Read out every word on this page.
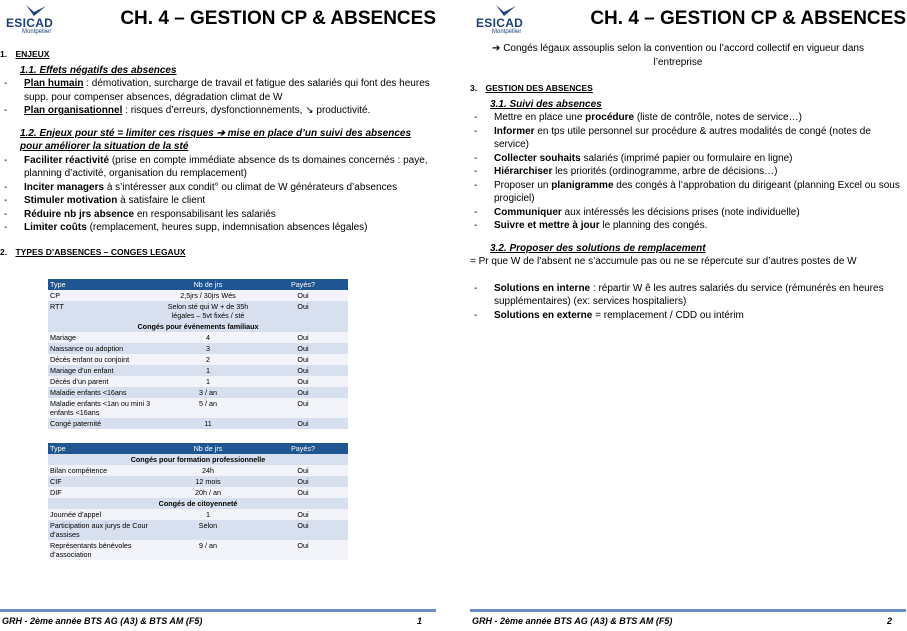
ESICAD
Montpellier
CH. 4 – GESTION CP & ABSENCES
1. ENJEUX
1.1. Effets négatifs des absences
- Plan humain : démotivation, surcharge de travail et fatigue des salariés qui font des heures supp. pour compenser absences, dégradation climat de W
- Plan organisationnel : risques d’erreurs, dysfonctionnements, ↘ productivité.
1.2. Enjeux pour sté = limiter ces risques ➔ mise en place d’un suivi des absences pour améliorer la situation de la sté
- Faciliter réactivité (prise en compte immédiate absence ds ts domaines concernés : paye, planning d’activité, organisation du remplacement)
- Inciter managers à s’intéresser aux condit° ou climat de W générateurs d’absences
- Stimuler motivation à satisfaire le client
- Réduire nb jrs absence en responsabilisant les salariés
- Limiter coûts (remplacement, heures supp, indemnisation absences légales)
2. TYPES D’ABSENCES – CONGES LEGAUX
Type	Nb de jrs	Payés?
CP	2,5jrs / 30jrs Wés	Oui
RTT	Selon sté qui W + de 35h légales – 5vt fixés / sté	Oui
Congés pour événements familiaux		
Mariage	4	Oui
Naissance ou adoption	3	Oui
Décès enfant ou conjoint	2	Oui
Mariage d’un enfant	1	Oui
Décès d’un parent	1	Oui
Maladie enfants <16ans	3 / an	Oui
Maladie enfants <1an ou mini 3 enfants <16ans	5 / an	Oui
Congé paternité	11	Oui
Type	Nb de jrs	Payés?
Congés pour formation professionnelle		
Bilan compétence	24h	Oui
CIF	12 mois	Oui
DIF	20h / an	Oui
Congés de citoyenneté		
Journée d’appel	1	Oui
Participation aux jurys de Cour d’assises	Selon	Oui
Représentants bénévoles d’association	9 / an	Oui
GRH - 2ème année BTS AG (A3) & BTS AM (F5)	1
ESICAD
Montpellier
CH. 4 – GESTION CP & ABSENCES
➔ Congés légaux assouplis selon la convention ou l’accord collectif en vigueur dans
l’entreprise
3. GESTION DES ABSENCES
3.1. Suivi des absences
- Mettre en place une procédure (liste de contrôle, notes de service…)
- Informer en tps utile personnel sur procédure & autres modalités de congé (notes de service)
- Collecter souhaits salariés (imprimé papier ou formulaire en ligne)
- Hiérarchiser les priorités (ordinogramme, arbre de décisions…)
- Proposer un planigramme des congés à l’approbation du dirigeant (planning Excel ou sous progiciel)
- Communiquer aux intéressés les décisions prises (note individuelle)
- Suivre et mettre à jour le planning des congés.
3.2. Proposer des solutions de remplacement
= Pr que W de l’absent ne s’accumule pas ou ne se répercute sur d’autres postes de W
- Solutions en interne : répartir W ê les autres salariés du service (rémunérés en heures supplémentaires) (ex: services hospitaliers)
- Solutions en externe = remplacement / CDD ou intérim
GRH - 2ème année BTS AG (A3) & BTS AM (F5)	2
